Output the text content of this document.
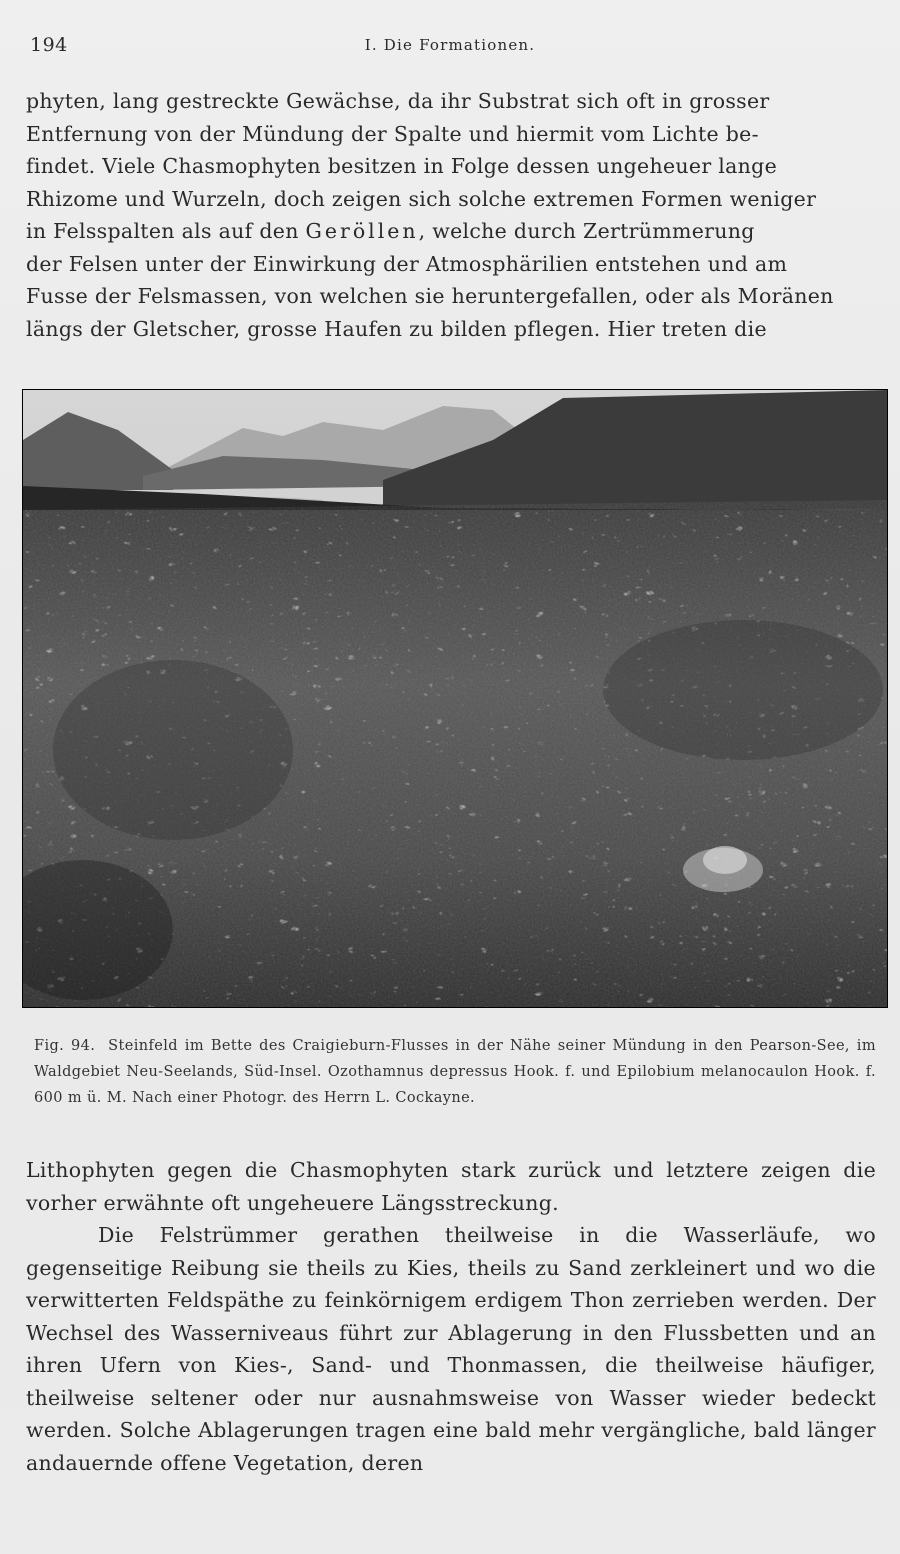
194	I. Die Formationen.

phyten, lang gestreckte Gewächse, da ihr Substrat sich oft in grosser

Entfernung von der Mündung der Spalte und hiermit vom Lichte be-

findet. Viele Chasmophyten besitzen in Folge dessen ungeheuer lange

Rhizome und Wurzeln, doch zeigen sich solche extremen Formen weniger

in Felsspalten als auf den Geröllen, welche durch Zertrümmerung

der Felsen unter der Einwirkung der Atmosphärilien entstehen und am

Fusse der Felsmassen, von welchen sie heruntergefallen, oder als Moränen

längs der Gletscher, grosse Haufen zu bilden pflegen. Hier treten die

Fig. 94. Steinfeld im Bette des Craigieburn-Flusses in der Nähe seiner Mündung in den Pearson-See, im Waldgebiet Neu-Seelands, Süd-Insel. Ozothamnus depressus Hook. f. und Epilobium melanocaulon Hook. f. 600 m ü. M. Nach einer Photogr. des Herrn L. Cockayne.

Lithophyten gegen die Chasmophyten stark zurück und letztere zeigen die vorher erwähnte oft ungeheuere Längsstreckung.

Die Felstrümmer gerathen theilweise in die Wasserläufe, wo gegenseitige Reibung sie theils zu Kies, theils zu Sand zerkleinert und wo die verwitterten Feldspäthe zu feinkörnigem erdigem Thon zerrieben werden. Der Wechsel des Wasserniveaus führt zur Ablagerung in den Flussbetten und an ihren Ufern von Kies-, Sand- und Thonmassen, die theilweise häufiger, theilweise seltener oder nur ausnahmsweise von Wasser wieder bedeckt werden. Solche Ablagerungen tragen eine bald mehr vergängliche, bald länger andauernde offene Vegetation, deren
